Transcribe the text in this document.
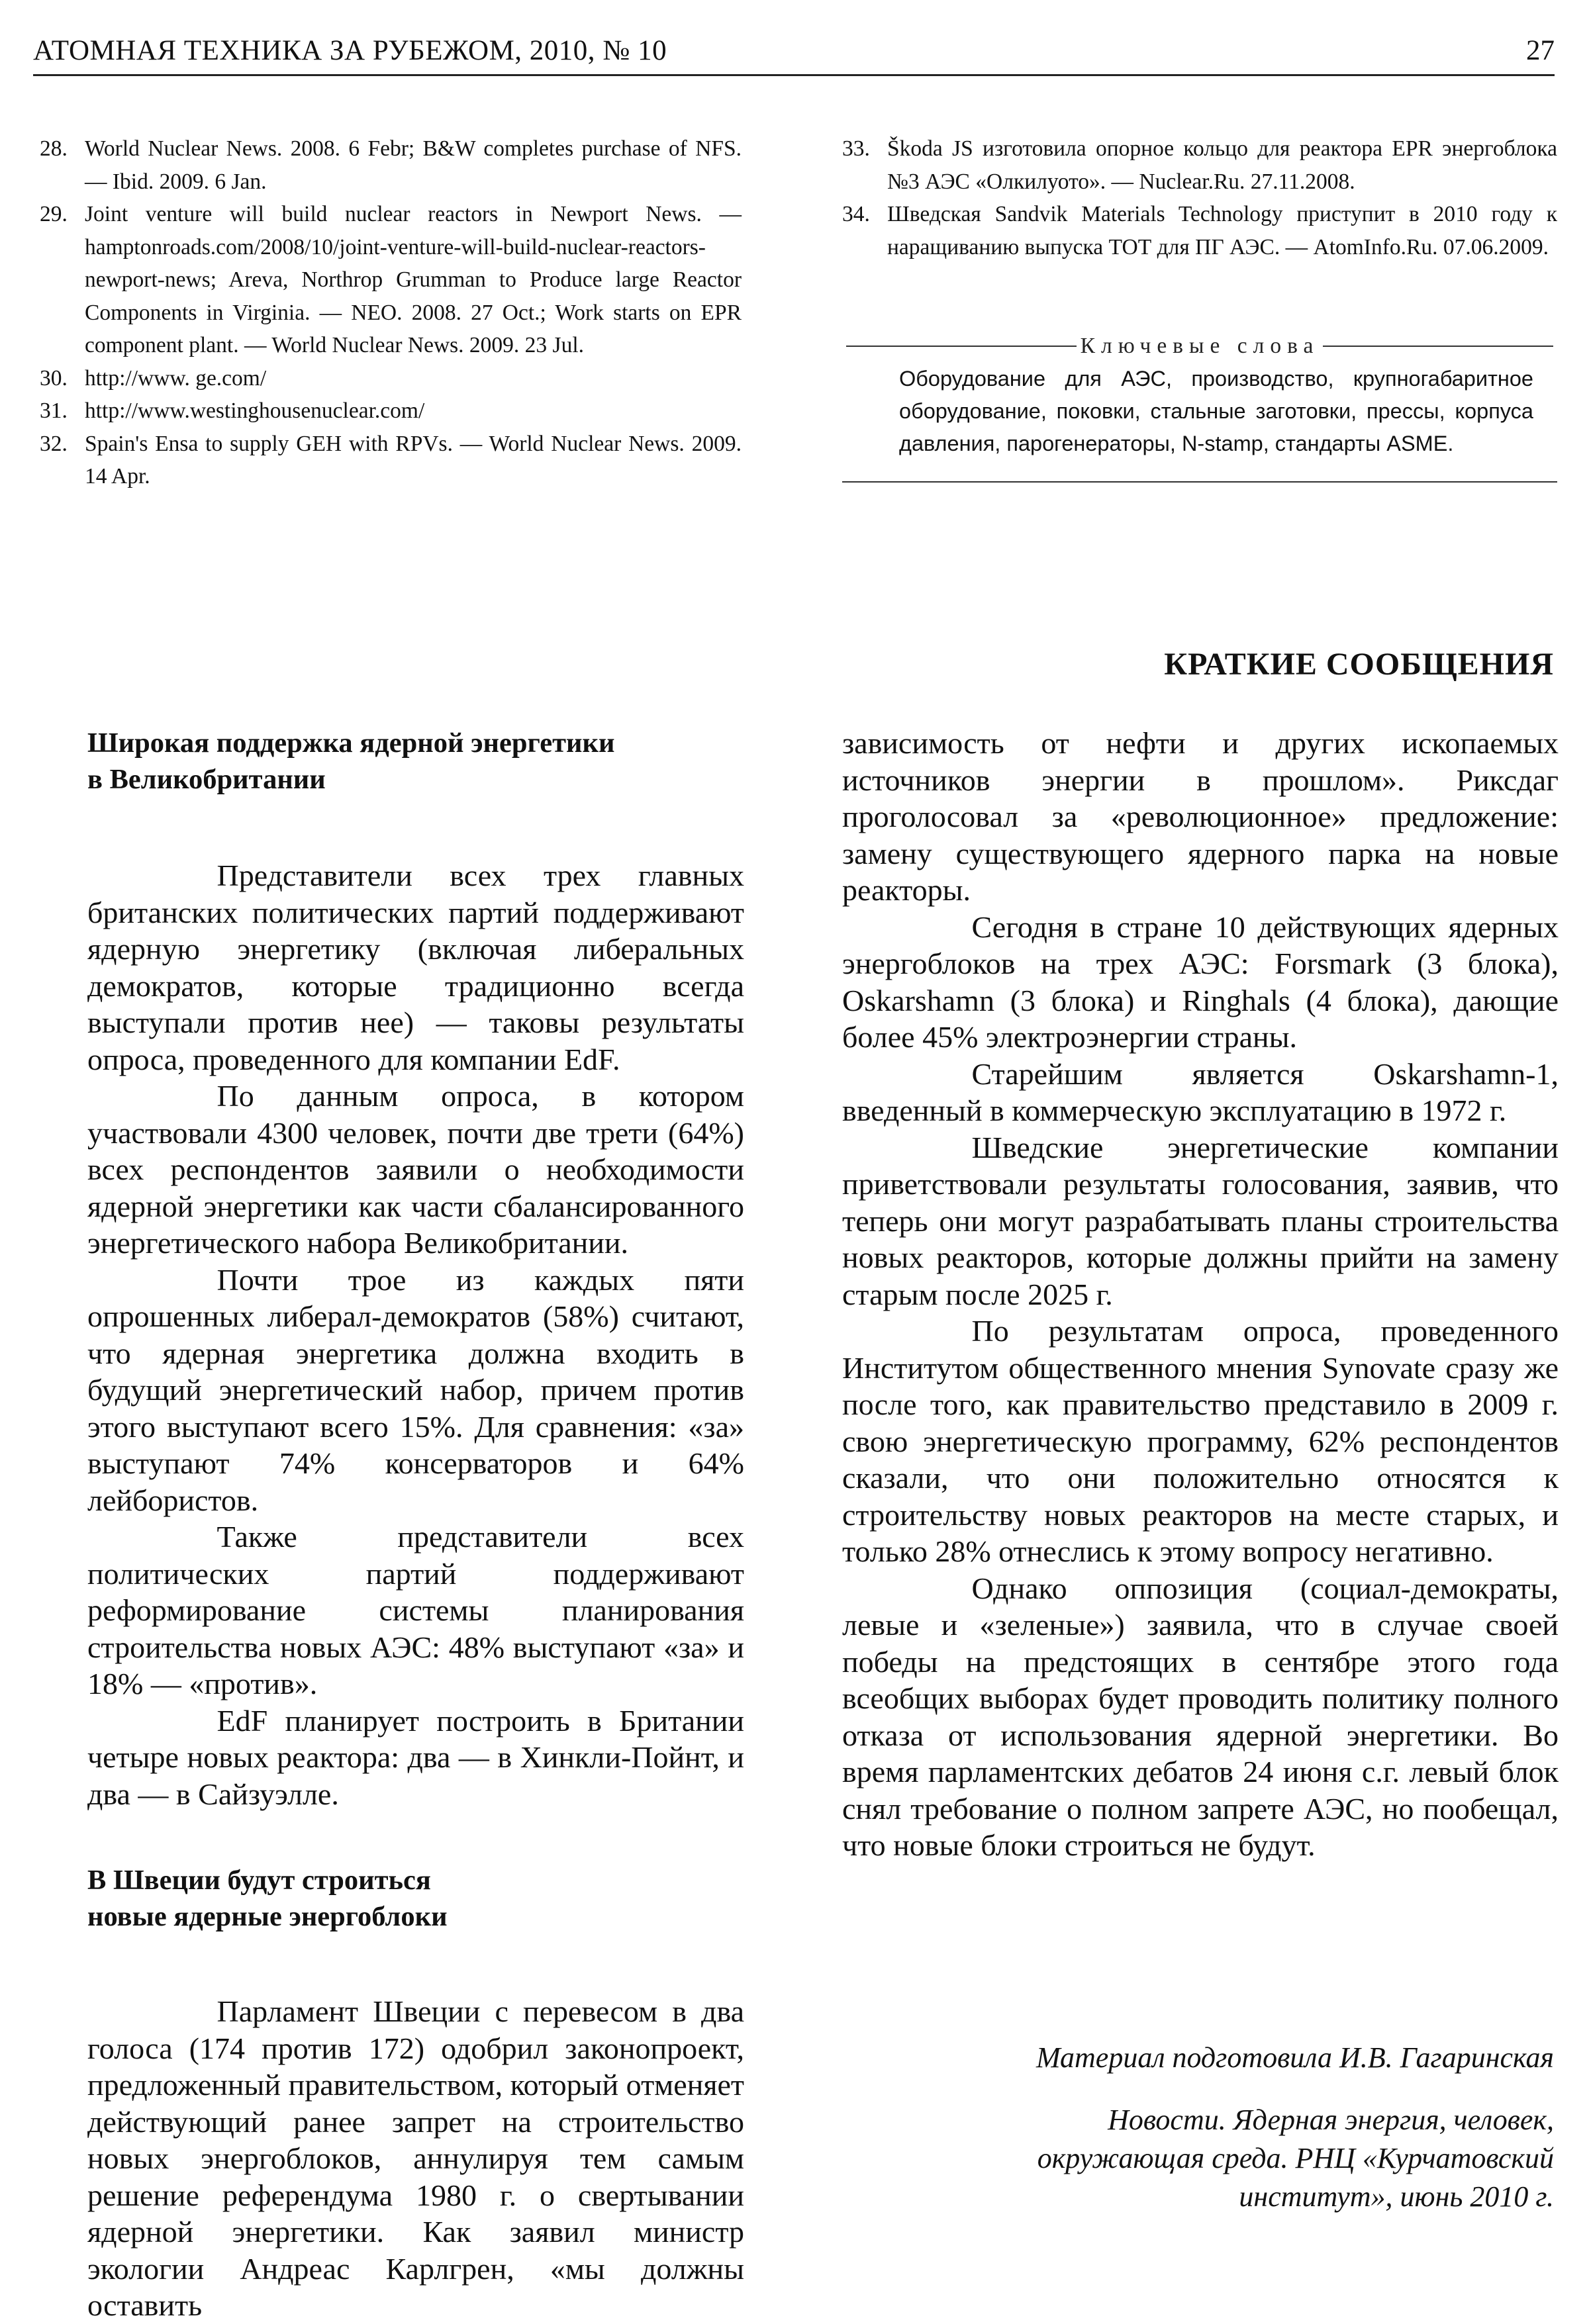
АТОМНАЯ ТЕХНИКА ЗА РУБЕЖОМ, 2010, № 10	27
28. World Nuclear News. 2008. 6 Febr; B&W completes purchase of NFS. — Ibid. 2009. 6 Jan.
29. Joint venture will build nuclear reactors in Newport News. — hamptonroads.com/2008/10/joint-venture-will-build-nuclear-reactors-newport-news; Areva, Northrop Grumman to Produce large Reactor Components in Virginia. — NEO. 2008. 27 Oct.; Work starts on EPR component plant. — World Nuclear News. 2009. 23 Jul.
30. http://www. ge.com/
31. http://www.westinghousenuclear.com/
32. Spain's Ensa to supply GEH with RPVs. — World Nuclear News. 2009. 14 Apr.
33. Škoda JS изготовила опорное кольцо для реактора EPR энергоблока №3 АЭС «Олкилуото». — Nuclear.Ru. 27.11.2008.
34. Шведская Sandvik Materials Technology приступит в 2010 году к наращиванию выпуска ТОТ для ПГ АЭС. — AtomInfo.Ru. 07.06.2009.
Ключевые слова
Оборудование для АЭС, производство, крупногабаритное оборудование, поковки, стальные заготовки, прессы, корпуса давления, парогенераторы, N-stamp, стандарты ASME.
КРАТКИЕ СООБЩЕНИЯ
Широкая поддержка ядерной энергетики
в Великобритании

Представители всех трех главных британских политических партий поддерживают ядерную энергетику (включая либеральных демократов, которые традиционно всегда выступали против нее) — таковы результаты опроса, проведенного для компании EdF.

По данным опроса, в котором участвовали 4300 человек, почти две трети (64%) всех респондентов заявили о необходимости ядерной энергетики как части сбалансированного энергетического набора Великобритании.

Почти трое из каждых пяти опрошенных либерал-демократов (58%) считают, что ядерная энергетика должна входить в будущий энергетический набор, причем против этого выступают всего 15%. Для сравнения: «за» выступают 74% консерваторов и 64% лейбористов.

Также представители всех политических партий поддерживают реформирование системы планирования строительства новых АЭС: 48% выступают «за» и 18% — «против».

EdF планирует построить в Британии четыре новых реактора: два — в Хинкли-Пойнт, и два — в Сайзуэлле.

В Швеции будут строиться
новые ядерные энергоблоки

Парламент Швеции с перевесом в два голоса (174 против 172) одобрил законопроект, предложенный правительством, который отменяет действующий ранее запрет на строительство новых энергоблоков, аннулируя тем самым решение референдума 1980 г. о свертывании ядерной энергетики. Как заявил министр экологии Андреас Карлгрен, «мы должны оставить

зависимость от нефти и других ископаемых источников энергии в прошлом». Риксдаг проголосовал за «революционное» предложение: замену существующего ядерного парка на новые реакторы.

Сегодня в стране 10 действующих ядерных энергоблоков на трех АЭС: Forsmark (3 блока), Oskarshamn (3 блока) и Ringhals (4 блока), дающие более 45% электроэнергии страны.

Старейшим является Oskarshamn-1, введенный в коммерческую эксплуатацию в 1972 г.

Шведские энергетические компании приветствовали результаты голосования, заявив, что теперь они могут разрабатывать планы строительства новых реакторов, которые должны прийти на замену старым после 2025 г.

По результатам опроса, проведенного Институтом общественного мнения Synovate сразу же после того, как правительство представило в 2009 г. свою энергетическую программу, 62% респондентов сказали, что они положительно относятся к строительству новых реакторов на месте старых, и только 28% отнеслись к этому вопросу негативно.

Однако оппозиция (социал-демократы, левые и «зеленые») заявила, что в случае своей победы на предстоящих в сентябре этого года всеобщих выборах будет проводить политику полного отказа от использования ядерной энергетики. Во время парламентских дебатов 24 июня с.г. левый блок снял требование о полном запрете АЭС, но пообещал, что новые блоки строиться не будут.

Материал подготовила И.В. Гагаринская
Новости. Ядерная энергия, человек,
окружающая среда. РНЦ «Курчатовский
институт», июнь 2010 г.
